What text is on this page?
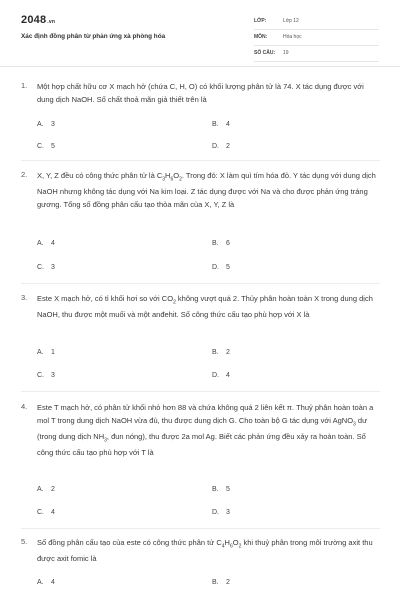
$2048_{.vn}$
Xác định đồng phân từ phản ứng xà phòng hóa
LỚP:	Lớp 12
MÔN:	Hóa học
SỐ CÂU: 19
1. Một hợp chất hữu cơ X mạch hở (chứa C, H, O) có khối lượng phân tử là 74. X tác dụng được với dung dịch NaOH. Số chất thoả mãn giả thiết trên là

A. 3	B. 4
C. 5	D. 2
2. X, Y, Z đều có công thức phân tử là $C_3H_6O_2$. Trong đó: X làm quì tím hóa đỏ. Y tác dụng với dung dịch NaOH nhưng không tác dụng với Na kim loại. Z tác dụng được với Na và cho được phản ứng tráng gương. Tổng số đồng phân cấu tạo thỏa mãn của X, Y, Z là

A. 4	B. 6
C. 3	D. 5
3. Este X mạch hở, có tỉ khối hơi so với $CO_2$ không vượt quá 2. Thủy phân hoàn toàn X trong dung dịch NaOH, thu được một muối và một anđehit. Số công thức cấu tạo phù hợp với X là

A. 1	B. 2
C. 3	D. 4
4. Este T mạch hở, có phân tử khối nhỏ hơn 88 và chứa không quá 2 liên kết π. Thuỷ phân hoàn toàn a mol T trong dung dịch NaOH vừa đủ, thu được dung dịch G. Cho toàn bộ G tác dụng với AgNO$_3$ dư (trong dung dịch $NH_3$, đun nóng), thu được 2a mol Ag. Biết các phản ứng đều xảy ra hoàn toàn. Số công thức cấu tạo phù hợp với T là

A. 2	B. 5
C. 4	D. 3
5. Số đồng phân cấu tạo của este có công thức phân tử $C_4H_6O_2$ khi thuỷ phân trong môi trường axit thu được axit fomic là

A. 4	B. 2
